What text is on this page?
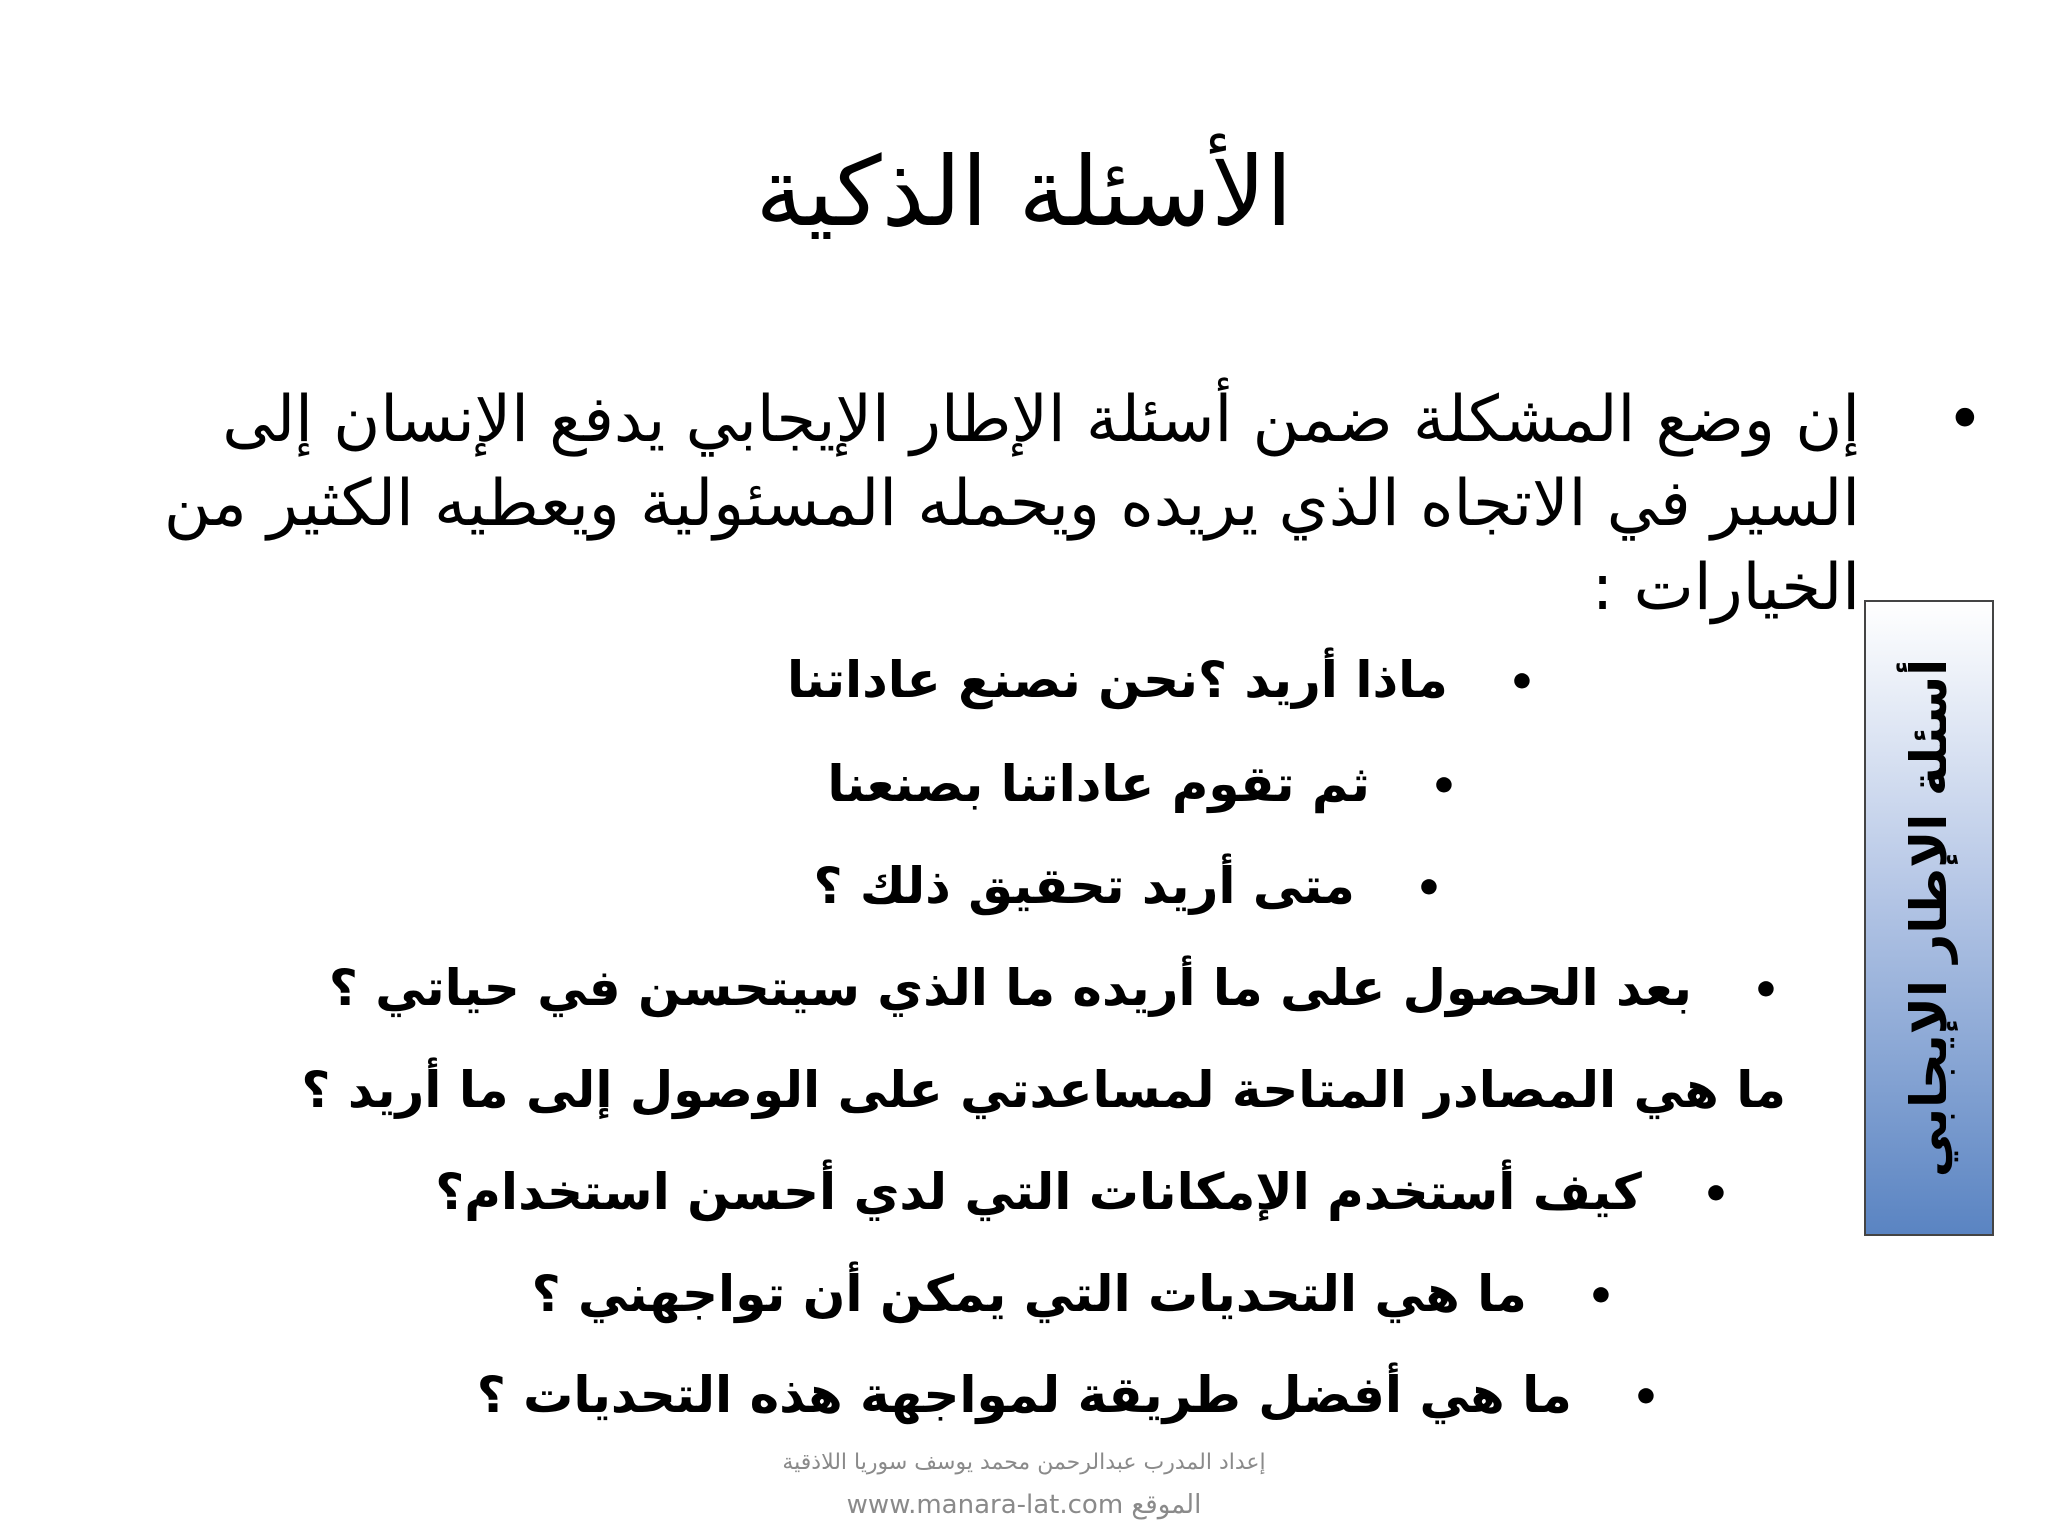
الأسئلة الذكية
•
إن وضع المشكلة ضمن أسئلة الإطار الإيجابي يدفع الإنسان إلى السير في الاتجاه الذي يريده ويحمله المسئولية ويعطيه الكثير من الخيارات :
•ماذا أريد ؟نحن نصنع عاداتنا
•ثم تقوم عاداتنا بصنعنا
•متى أريد تحقيق ذلك ؟
•بعد الحصول على ما أريده ما الذي سيتحسن في حياتي ؟
ما هي المصادر المتاحة لمساعدتي على الوصول إلى ما أريد ؟
•كيف أستخدم الإمكانات التي لدي أحسن استخدام؟
•ما هي التحديات التي يمكن أن تواجهني ؟
•ما هي أفضل طريقة لمواجهة هذه التحديات ؟
أسئلة الإطار الإيجابي
إعداد المدرب عبدالرحمن محمد يوسف سوريا اللاذقية
الموقع www.manara-lat.com
